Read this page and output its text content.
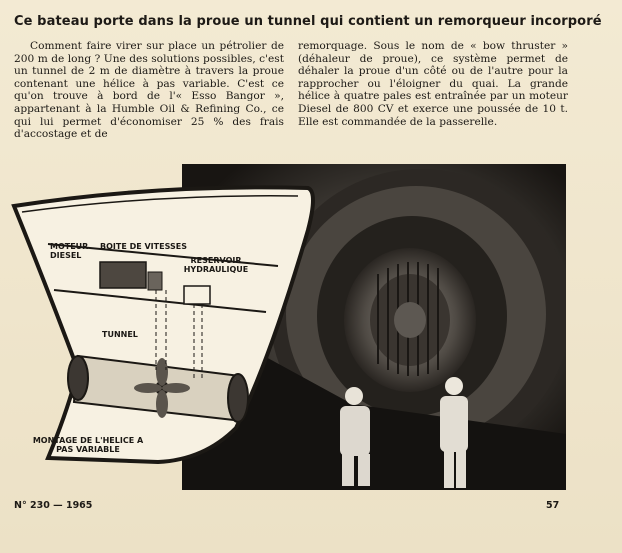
Ce bateau porte dans la proue un tunnel qui contient un remorqueur incorporé
Comment faire virer sur place un pétrolier de 200 m de long ? Une des solutions possibles, c'est un tunnel de 2 m de diamètre à travers la proue contenant une hélice à pas variable. C'est ce qu'on trouve à bord de l'« Esso Bangor », appartenant à la Humble Oil & Refining Co., ce qui lui permet d'économiser 25 % des frais d'accostage et de
remorquage. Sous le nom de « bow thruster » (déhaleur de proue), ce système permet de déhaler la proue d'un côté ou de l'autre pour la rapprocher ou l'éloigner du quai. La grande hélice à quatre pales est entraînée par un moteur Diesel de 800 CV et exerce une poussée de 10 t. Elle est commandée de la passerelle.
MOTEUR DIESEL
BOITE DE VITESSES
RESERVOIR HYDRAULIQUE
TUNNEL
MONTAGE DE L'HELICE A PAS VARIABLE
N° 230 — 1965	57
